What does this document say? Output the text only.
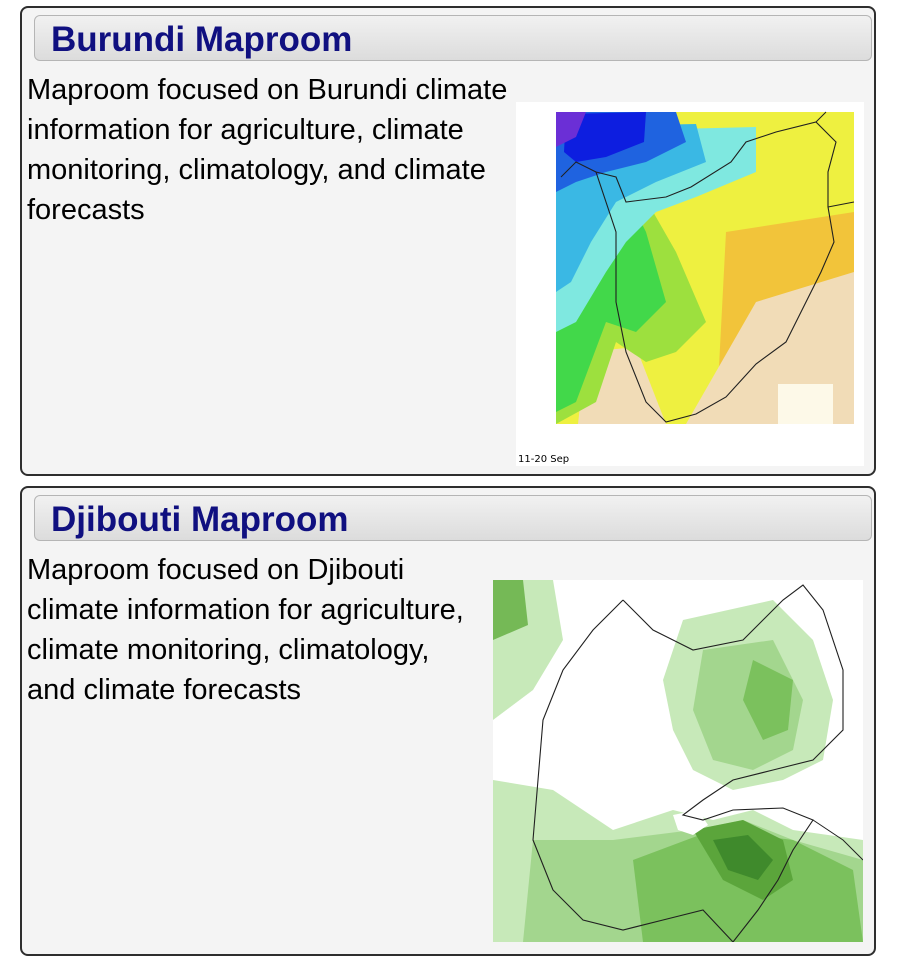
Burundi Maproom

Maproom focused on Burundi climate information for agriculture, climate monitoring, climatology, and climate forecasts

11-20 Sep
Djibouti Maproom

Maproom focused on Djibouti climate information for agriculture, climate monitoring, climatology, and climate forecasts
